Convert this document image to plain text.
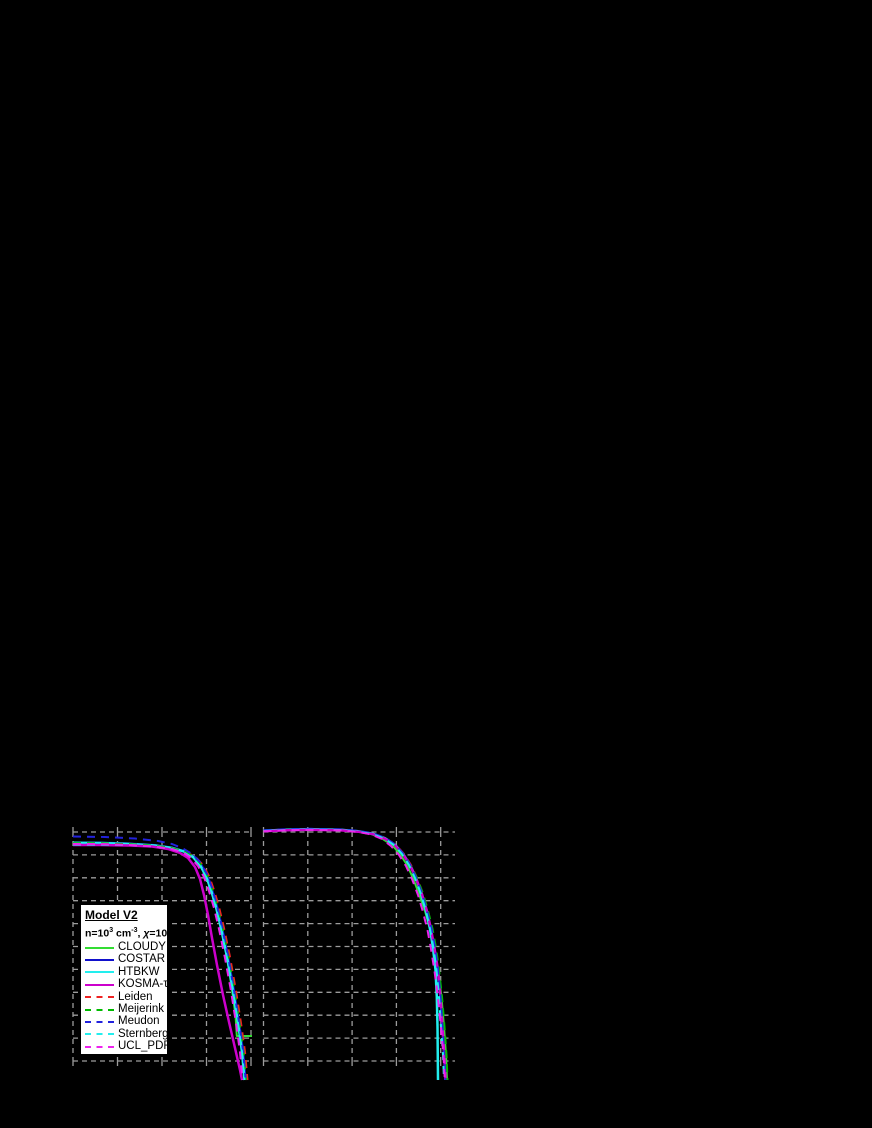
Model V2
$n=10^3$ $cm^{-3}$, $\chi=10^5$
CLOUDY
COSTAR
HTBKW
KOSMA-τ
Leiden
Meijerink
Meudon
Sternberg
UCL_PDR
